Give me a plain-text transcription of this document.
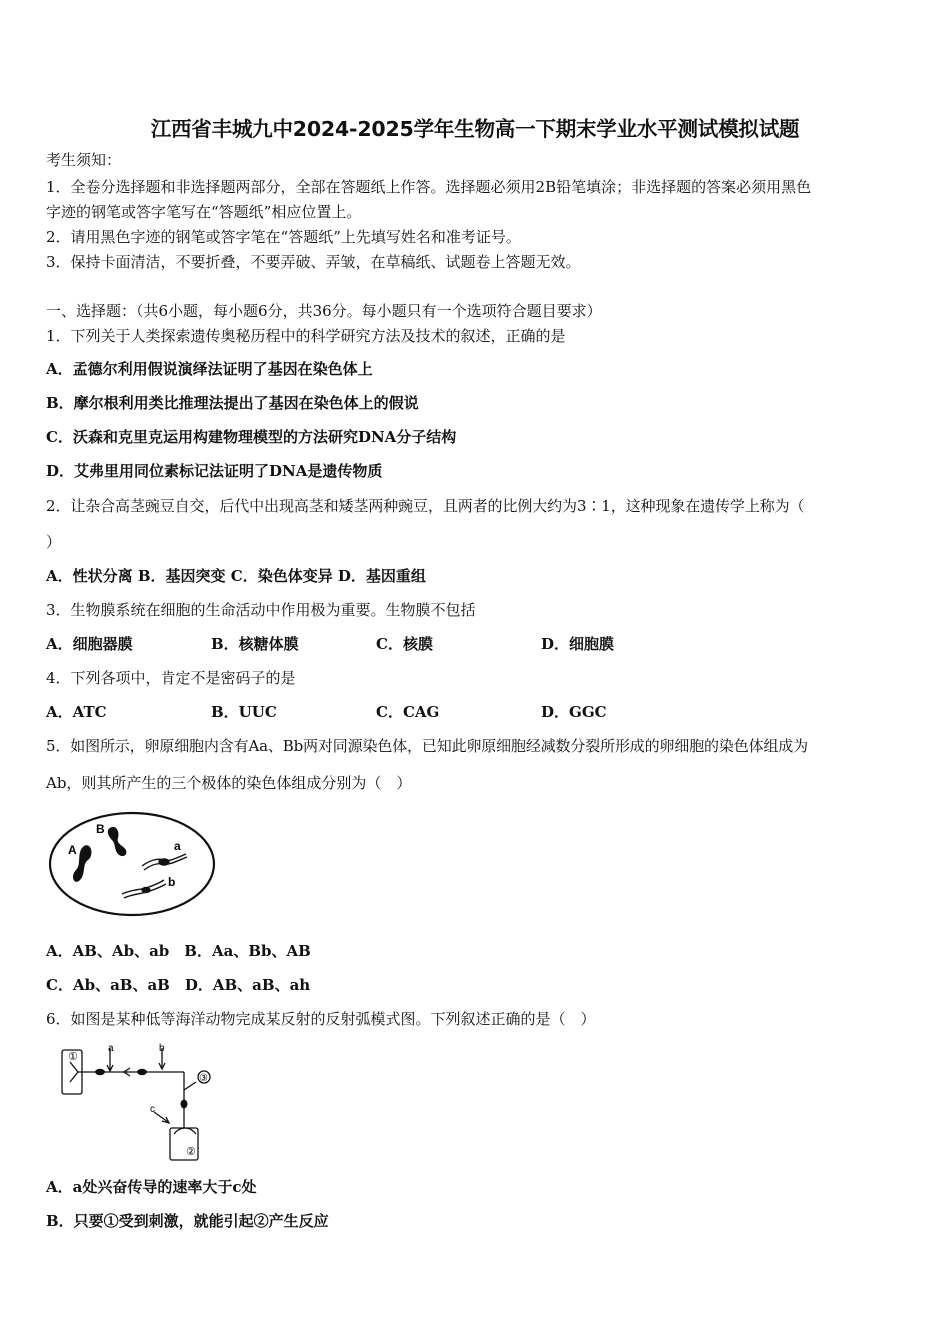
江西省丰城九中2024-2025学年生物高一下期末学业水平测试模拟试题
考生须知：
1．全卷分选择题和非选择题两部分，全部在答题纸上作答。选择题必须用2B铅笔填涂；非选择题的答案必须用黑色
字迹的钢笔或答字笔写在“答题纸”相应位置上。
2．请用黑色字迹的钢笔或答字笔在“答题纸”上先填写姓名和准考证号。
3．保持卡面清洁，不要折叠，不要弄破、弄皱，在草稿纸、试题卷上答题无效。
一、选择题：（共6小题，每小题6分，共36分。每小题只有一个选项符合题目要求）
1．下列关于人类探索遗传奥秘历程中的科学研究方法及技术的叙述，正确的是
A．孟德尔利用假说演绎法证明了基因在染色体上
B．摩尔根利用类比推理法提出了基因在染色体上的假说
C．沃森和克里克运用构建物理模型的方法研究DNA分子结构
D．艾弗里用同位素标记法证明了DNA是遗传物质
2．让杂合高茎豌豆自交，后代中出现高茎和矮茎两种豌豆，且两者的比例大约为3∶1，这种现象在遗传学上称为（
）
A．性状分离 B．基因突变 C．染色体变异 D．基因重组
3．生物膜系统在细胞的生命活动中作用极为重要。生物膜不包括
A．细胞器膜	B．核糖体膜	C．核膜	D．细胞膜
4．下列各项中，肯定不是密码子的是
A．ATC	B．UUC	C．CAG	D．GGC
5．如图所示，卵原细胞内含有Aa、Bb两对同源染色体，已知此卵原细胞经减数分裂所形成的卵细胞的染色体组成为
Ab，则其所产生的三个极体的染色体组成分别为（　）
A
B
a
b
A．AB、Ab、ab　B．Aa、Bb、AB
C．Ab、aB、aB　D．AB、aB、ah
6．如图是某种低等海洋动物完成某反射的反射弧模式图。下列叙述正确的是（　）
①
a	b
③
c
②
A．a处兴奋传导的速率大于c处
B．只要①受到刺激，就能引起②产生反应
